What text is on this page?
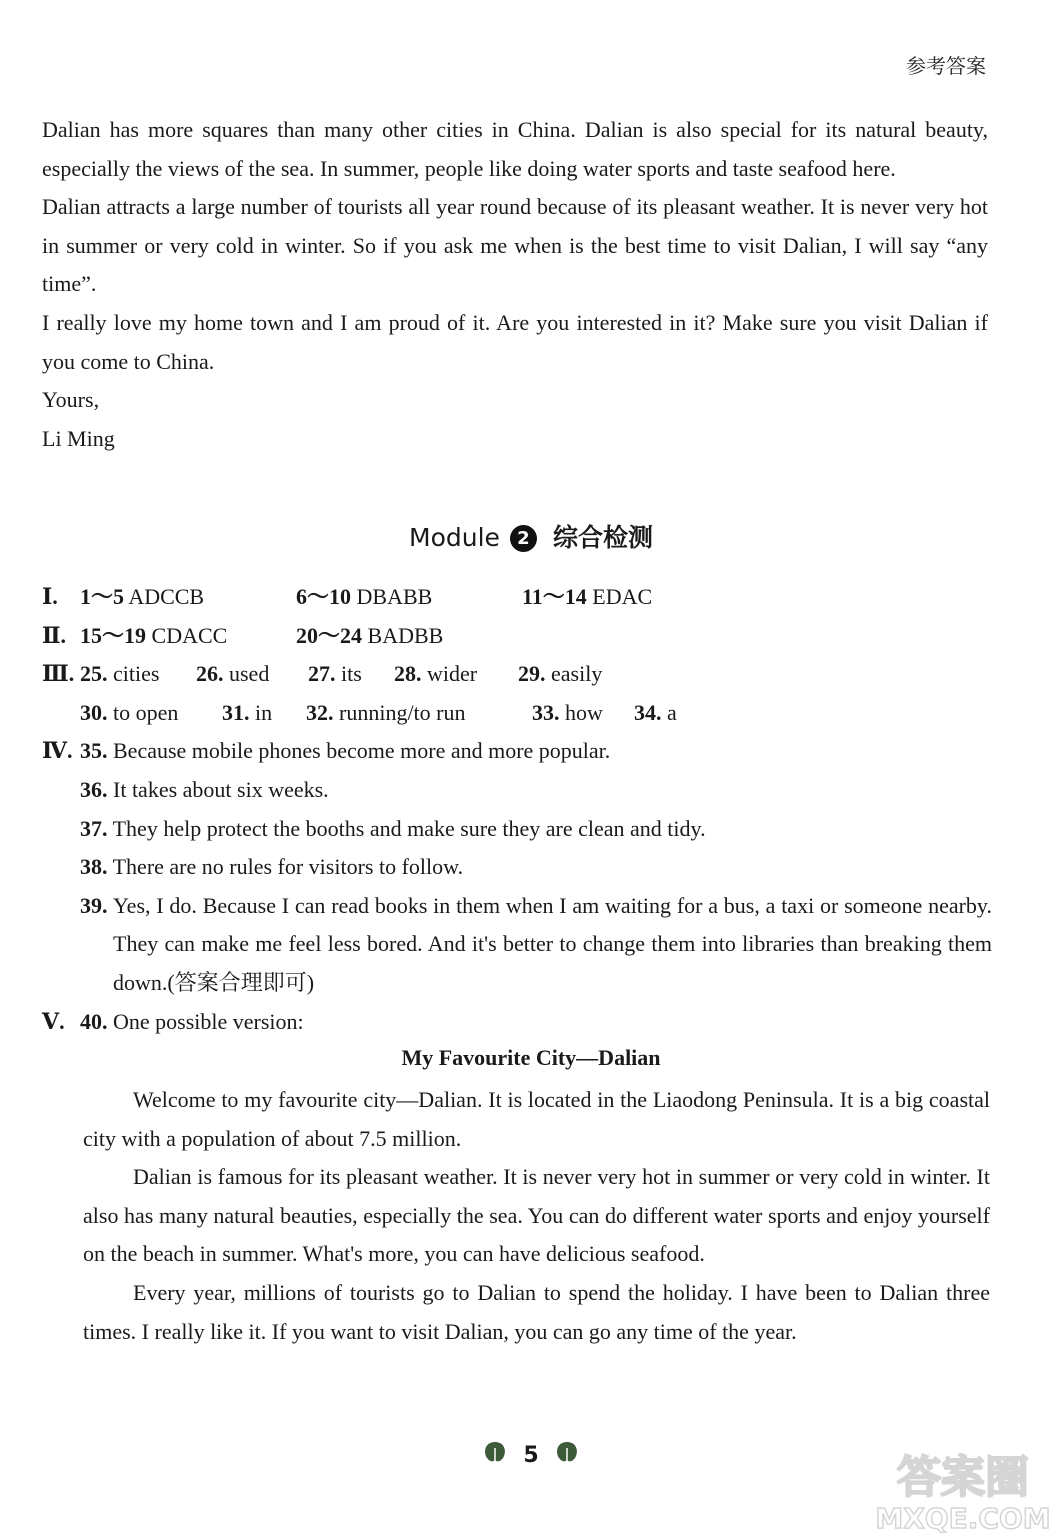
参考答案

Dalian has more squares than many other cities in China. Dalian is also special for its natural beauty, especially the views of the sea. In summer, people like doing water sports and taste seafood here.

Dalian attracts a large number of tourists all year round because of its pleasant weather. It is never very hot in summer or very cold in winter. So if you ask me when is the best time to visit Dalian, I will say “any time”.

I really love my home town and I am proud of it. Are you interested in it? Make sure you visit Dalian if you come to China.

Yours,

Li Ming

Module 2 综合检测
Ⅰ. 1～5 ADCCB	6～10 DBABB	11～14 EDAC
Ⅱ. 15～19 CDACC	20～24 BADBB
Ⅲ. 25. cities 26. used 27. its 28. wider 29. easily
30. to open 31. in 32. running/to run	33. how 34. a
Ⅳ. 35. Because mobile phones become more and more popular.
36. It takes about six weeks.
37. They help protect the booths and make sure they are clean and tidy.
38. There are no rules for visitors to follow.
39.
Yes, I do. Because I can read books in them when I am waiting for a bus, a taxi or someone nearby. They can make me feel less bored. And it's better to change them into libraries than breaking them down.(答案合理即可)
Ⅴ. 40. One possible version:
My Favourite City—Dalian

Welcome to my favourite city—Dalian. It is located in the Liaodong Peninsula. It is a big coastal city with a population of about 7.5 million.

Dalian is famous for its pleasant weather. It is never very hot in summer or very cold in winter. It also has many natural beauties, especially the sea. You can do different water sports and enjoy yourself on the beach in summer. What's more, you can have delicious seafood.

Every year, millions of tourists go to Dalian to spend the holiday. I have been to Dalian three times. I really like it. If you want to visit Dalian, you can go any time of the year.

5	答案圈
MXQE.COM
